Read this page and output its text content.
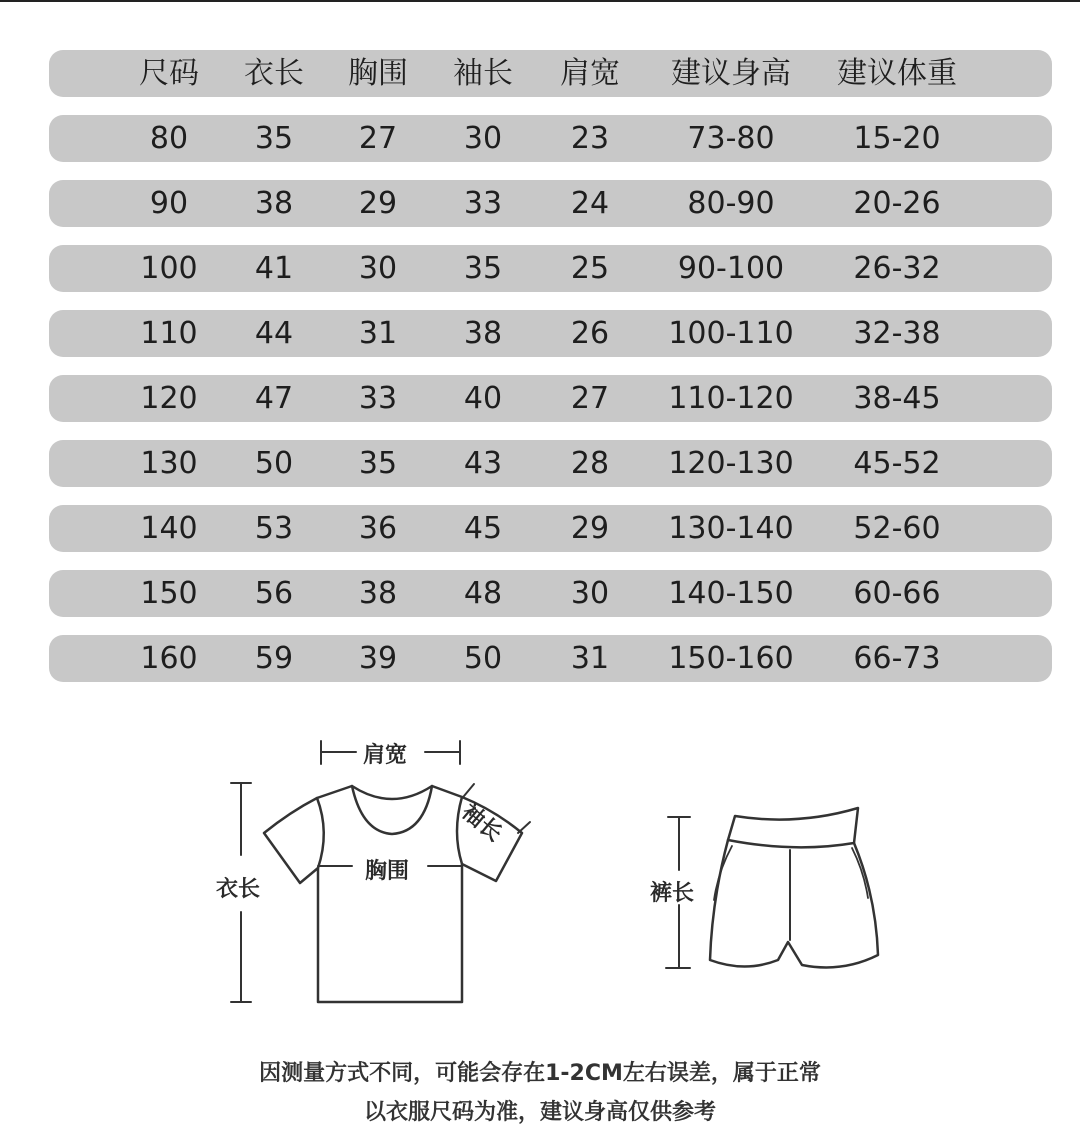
尺码	衣长	胸围	袖长	肩宽	建议身高	建议体重
80	35	27	30	23	73-80	15-20
90	38	29	33	24	80-90	20-26
100	41	30	35	25	90-100	26-32
110	44	31	38	26	100-110	32-38
120	47	33	40	27	110-120	38-45
130	50	35	43	28	120-130	45-52
140	53	36	45	29	130-140	52-60
150	56	38	48	30	140-150	60-66
160	59	39	50	31	150-160	66-73
肩宽
袖长
胸围
衣长	裤长
因测量方式不同，可能会存在1-2CM左右误差，属于正常
以衣服尺码为准，建议身高仅供参考
